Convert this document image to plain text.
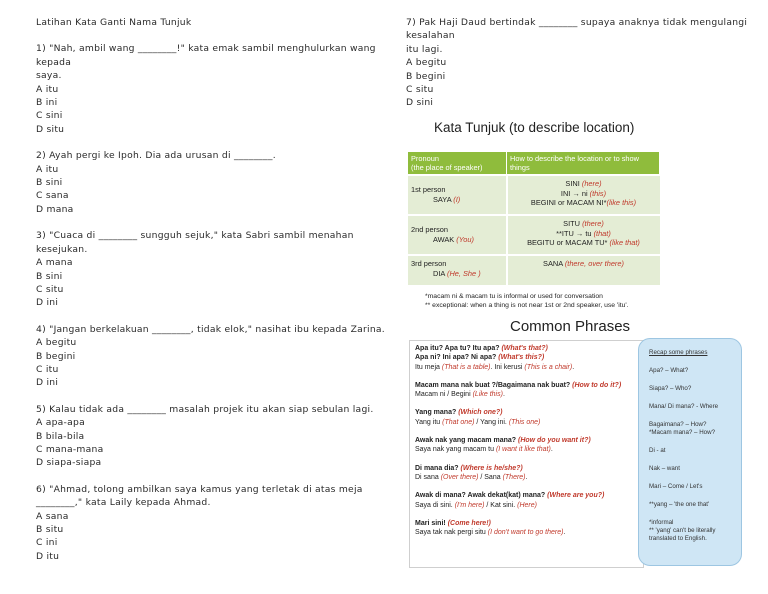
Latihan Kata Ganti Nama Tunjuk
1) "Nah, ambil wang ________!" kata emak sambil menghulurkan wang
kepada
saya.
A itu
B ini
C sini
D situ
2) Ayah pergi ke Ipoh. Dia ada urusan di ________.
A itu
B sini
C sana
D mana
3) "Cuaca di ________ sungguh sejuk," kata Sabri sambil menahan
kesejukan.
A mana
B sini
C situ
D ini
4) "Jangan berkelakuan ________, tidak elok," nasihat ibu kepada Zarina.
A begitu
B begini
C itu
D ini
5) Kalau tidak ada ________ masalah projek itu akan siap sebulan lagi.
A apa-apa
B bila-bila
C mana-mana
D siapa-siapa
6) "Ahmad, tolong ambilkan saya kamus yang terletak di atas meja
________," kata Laily kepada Ahmad.
A sana
B situ
C ini
D itu
7) Pak Haji Daud bertindak ________ supaya anaknya tidak mengulangi
kesalahan
itu lagi.
A begitu
B begini
C situ
D sini
Kata Tunjuk (to describe location)
Pronoun
(the place of speaker)	How to describe the location or to show
things

1st person
SAYA (I)	SINI (here)
INI → ni (this)
BEGINI or MACAM NI*(like this)

2nd person
AWAK (You)	SITU (there)
**ITU → tu (that)
BEGITU or MACAM TU* (like that)
3rd person
DIA (He, She )	SANA (there, over there)
*macam ni & macam tu is informal or used for conversation
** exceptional: when a thing is not near 1st or 2nd speaker, use 'itu'.
Common Phrases
Apa itu? Apa tu? Itu apa? (What's that?)
Apa ni? Ini apa? Ni apa? (What's this?)
Itu meja (That is a table). Ini kerusi (This is a chair).
Macam mana nak buat ?/Bagaimana nak buat? (How to do it?)
Macam ni / Begini (Like this).
Yang mana? (Which one?)
Yang itu (That one) / Yang ini. (This one)
Awak nak yang macam mana? (How do you want it?)
Saya nak yang macam tu (I want it like that).
Di mana dia? (Where is he/she?)
Di sana (Over there) / Sana (There).
Awak di mana? Awak dekat(kat) mana? (Where are you?)
Saya di sini. (I'm here) / Kat sini. (Here)
Mari sini! (Come here!)
Saya tak nak pergi situ (I don't want to go there).
Recap some phrases
Apa? – What?
Siapa? – Who?
Mana/ Di mana? - Where
Bagaimana? – How?
*Macam mana? – How?
Di - at
Nak – want
Mari – Come / Let's
**yang – 'the one that'
*informal
** 'yang' can't be literally
translated to English.
